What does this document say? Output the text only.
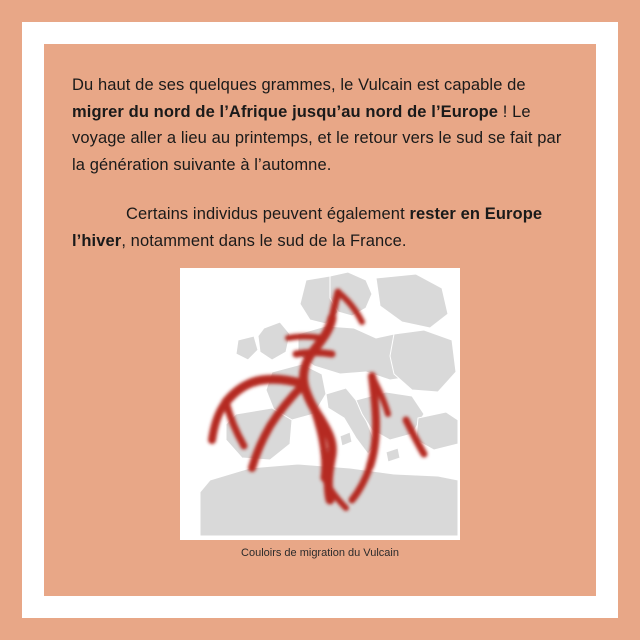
Du haut de ses quelques grammes, le Vulcain est capable de migrer du nord de l’Afrique jusqu’au nord de l’Europe ! Le voyage aller a lieu au printemps, et le retour vers le sud se fait par la génération suivante à l’automne.

Certains individus peuvent également rester en Europe l’hiver, notamment dans le sud de la France.

Couloirs de migration du Vulcain
